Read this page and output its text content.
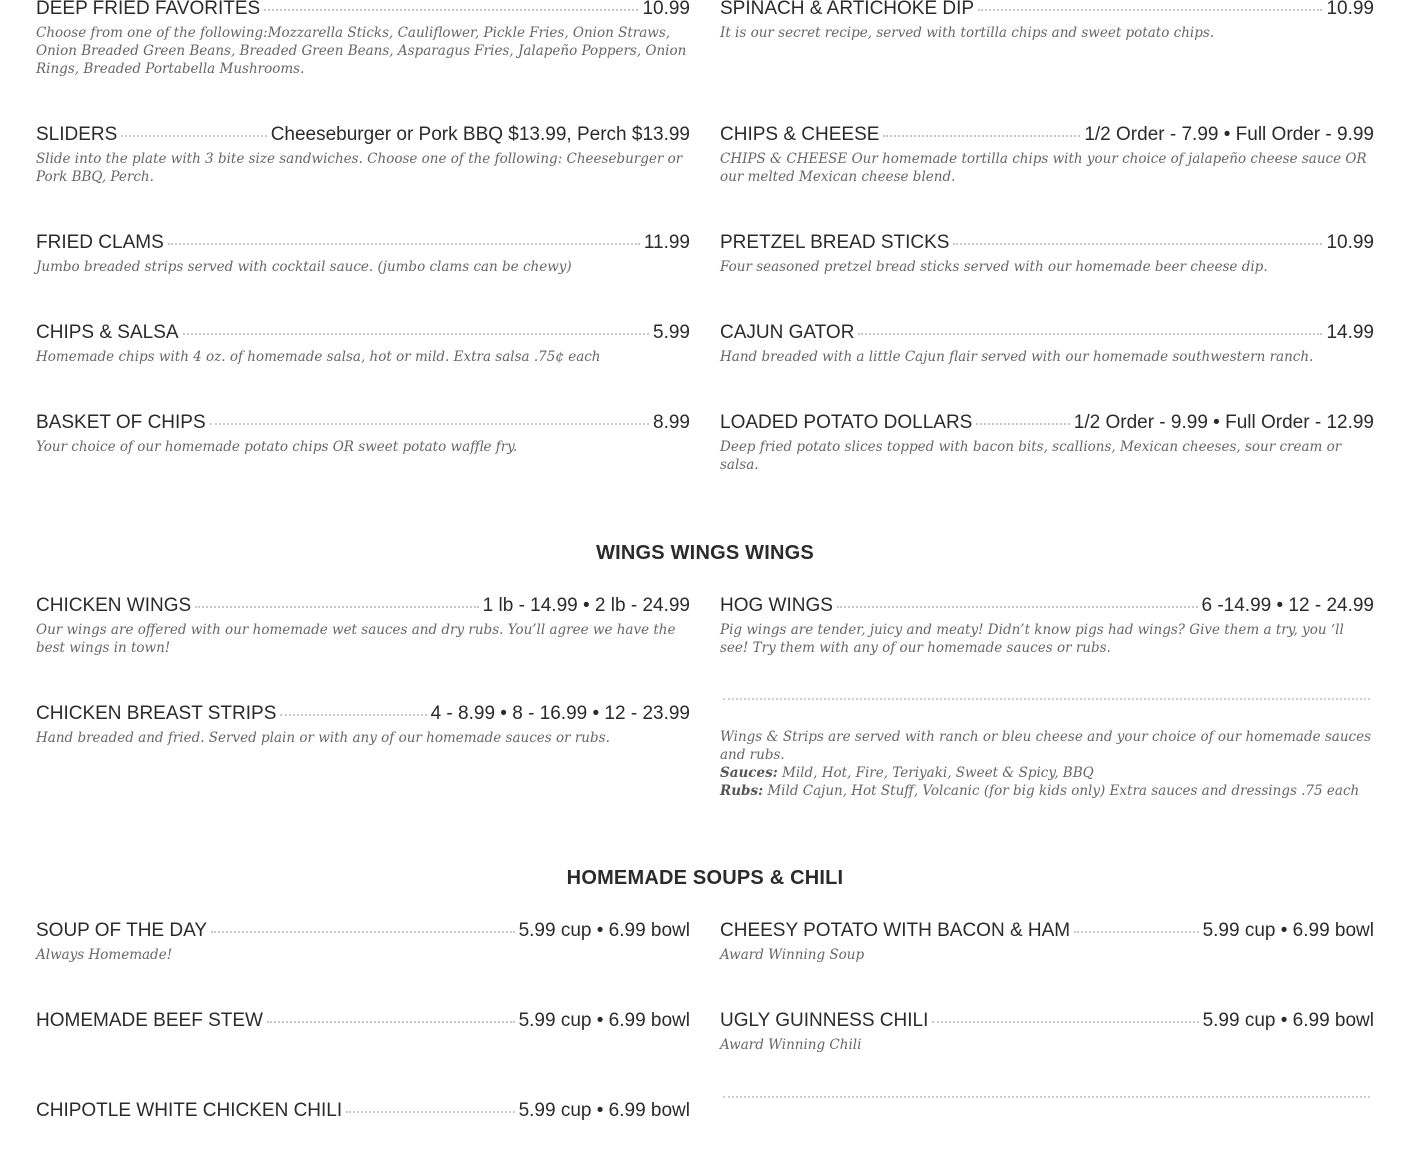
DEEP FRIED FAVORITES	10.99
Choose from one of the following:Mozzarella Sticks, Cauliflower, Pickle Fries, Onion Straws, Onion Breaded Green Beans, Breaded Green Beans, Asparagus Fries, Jalapeño Poppers, Onion Rings, Breaded Portabella Mushrooms.
SLIDERS	Cheeseburger or Pork BBQ $13.99, Perch $13.99
Slide into the plate with 3 bite size sandwiches. Choose one of the following: Cheeseburger or Pork BBQ, Perch.
FRIED CLAMS	11.99
Jumbo breaded strips served with cocktail sauce. (jumbo clams can be chewy)
CHIPS & SALSA	5.99
Homemade chips with 4 oz. of homemade salsa, hot or mild. Extra salsa .75¢ each
BASKET OF CHIPS	8.99
Your choice of our homemade potato chips OR sweet potato waffle fry.
SPINACH & ARTICHOKE DIP	10.99
It is our secret recipe, served with tortilla chips and sweet potato chips.
CHIPS & CHEESE	1/2 Order - 7.99 • Full Order - 9.99
CHIPS & CHEESE Our homemade tortilla chips with your choice of jalapeño cheese sauce OR our melted Mexican cheese blend.
PRETZEL BREAD STICKS	10.99
Four seasoned pretzel bread sticks served with our homemade beer cheese dip.
CAJUN GATOR	14.99
Hand breaded with a little Cajun flair served with our homemade southwestern ranch.
LOADED POTATO DOLLARS	1/2 Order - 9.99 • Full Order - 12.99
Deep fried potato slices topped with bacon bits, scallions, Mexican cheeses, sour cream or salsa.
WINGS WINGS WINGS
CHICKEN WINGS	1 lb - 14.99 • 2 lb - 24.99
Our wings are offered with our homemade wet sauces and dry rubs. You’ll agree we have the best wings in town!
CHICKEN BREAST STRIPS	4 - 8.99 • 8 - 16.99 • 12 - 23.99
Hand breaded and fried. Served plain or with any of our homemade sauces or rubs.
HOG WINGS	6 -14.99 • 12 - 24.99
Pig wings are tender, juicy and meaty! Didn’t know pigs had wings? Give them a try, you ‘ll see! Try them with any of our homemade sauces or rubs.
Wings & Strips are served with ranch or bleu cheese and your choice of our homemade sauces and rubs.
Sauces: Mild, Hot, Fire, Teriyaki, Sweet & Spicy, BBQ
Rubs: Mild Cajun, Hot Stuff, Volcanic (for big kids only) Extra sauces and dressings .75 each
HOMEMADE SOUPS & CHILI
SOUP OF THE DAY	5.99 cup • 6.99 bowl
Always Homemade!
HOMEMADE BEEF STEW	5.99 cup • 6.99 bowl
CHIPOTLE WHITE CHICKEN CHILI	5.99 cup • 6.99 bowl
CHEESY POTATO WITH BACON & HAM	5.99 cup • 6.99 bowl
Award Winning Soup
UGLY GUINNESS CHILI	5.99 cup • 6.99 bowl
Award Winning Chili
